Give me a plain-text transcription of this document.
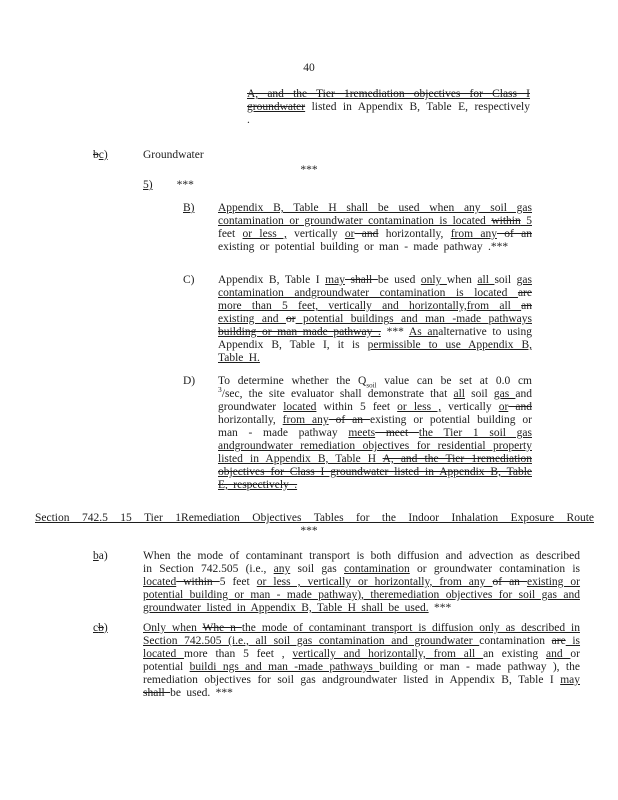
40
A, and the Tier 1remediation objectives for Class I groundwater listed in Appendix B, Table E, respectively .
bc)	Groundwater
***
5) ***
B)	Appendix B, Table H shall be used when any soil gas contamination or groundwater contamination is located within 5 feet or less , vertically or and horizontally, from any of an existing or potential building or man - made pathway .***
C)	Appendix B, Table I may shall be used only when all soil gas contamination andgroundwater contamination is located are more than 5 feet, vertically and horizontally,from all an existing and or potential buildings and man -made pathways building or man made pathway . *** As analternative to using Appendix B, Table I, it is permissible to use Appendix B, Table H.
D)	To determine whether the $Q_{soil}$ value can be set at 0.0 cm $^3$/sec, the site evaluator shall demonstrate that all soil gas and groundwater located within 5 feet or less , vertically or and horizontally, from any of an existing or potential building or man - made pathway meets meet the Tier 1 soil gas andgroundwater remediation objectives for residential property listed in Appendix B, Table H A, and the Tier 1remediation objectives for Class I groundwater listed in Appendix B, Table E, respectively .
Section 742.5 15 Tier 1Remediation Objectives Tables for the Indoor Inhalation Exposure Route
***
ba)	When the mode of contaminant transport is both diffusion and advection as described in Section 742.505 (i.e., any soil gas contamination or groundwater contamination is located within 5 feet or less , vertically or horizontally, from any of an existing or potential building or man - made pathway), theremediation objectives for soil gas and groundwater listed in Appendix B, Table H shall be used. ***
cb)	Only when Whe n the mode of contaminant transport is diffusion only as described in Section 742.505 (i.e., all soil gas contamination and groundwater contamination are is located more than 5 feet , vertically and horizontally, from all an existing and or potential buildi ngs and man -made pathways building or man - made pathway ), the remediation objectives for soil gas andgroundwater listed in Appendix B, Table I may shall be used. ***
